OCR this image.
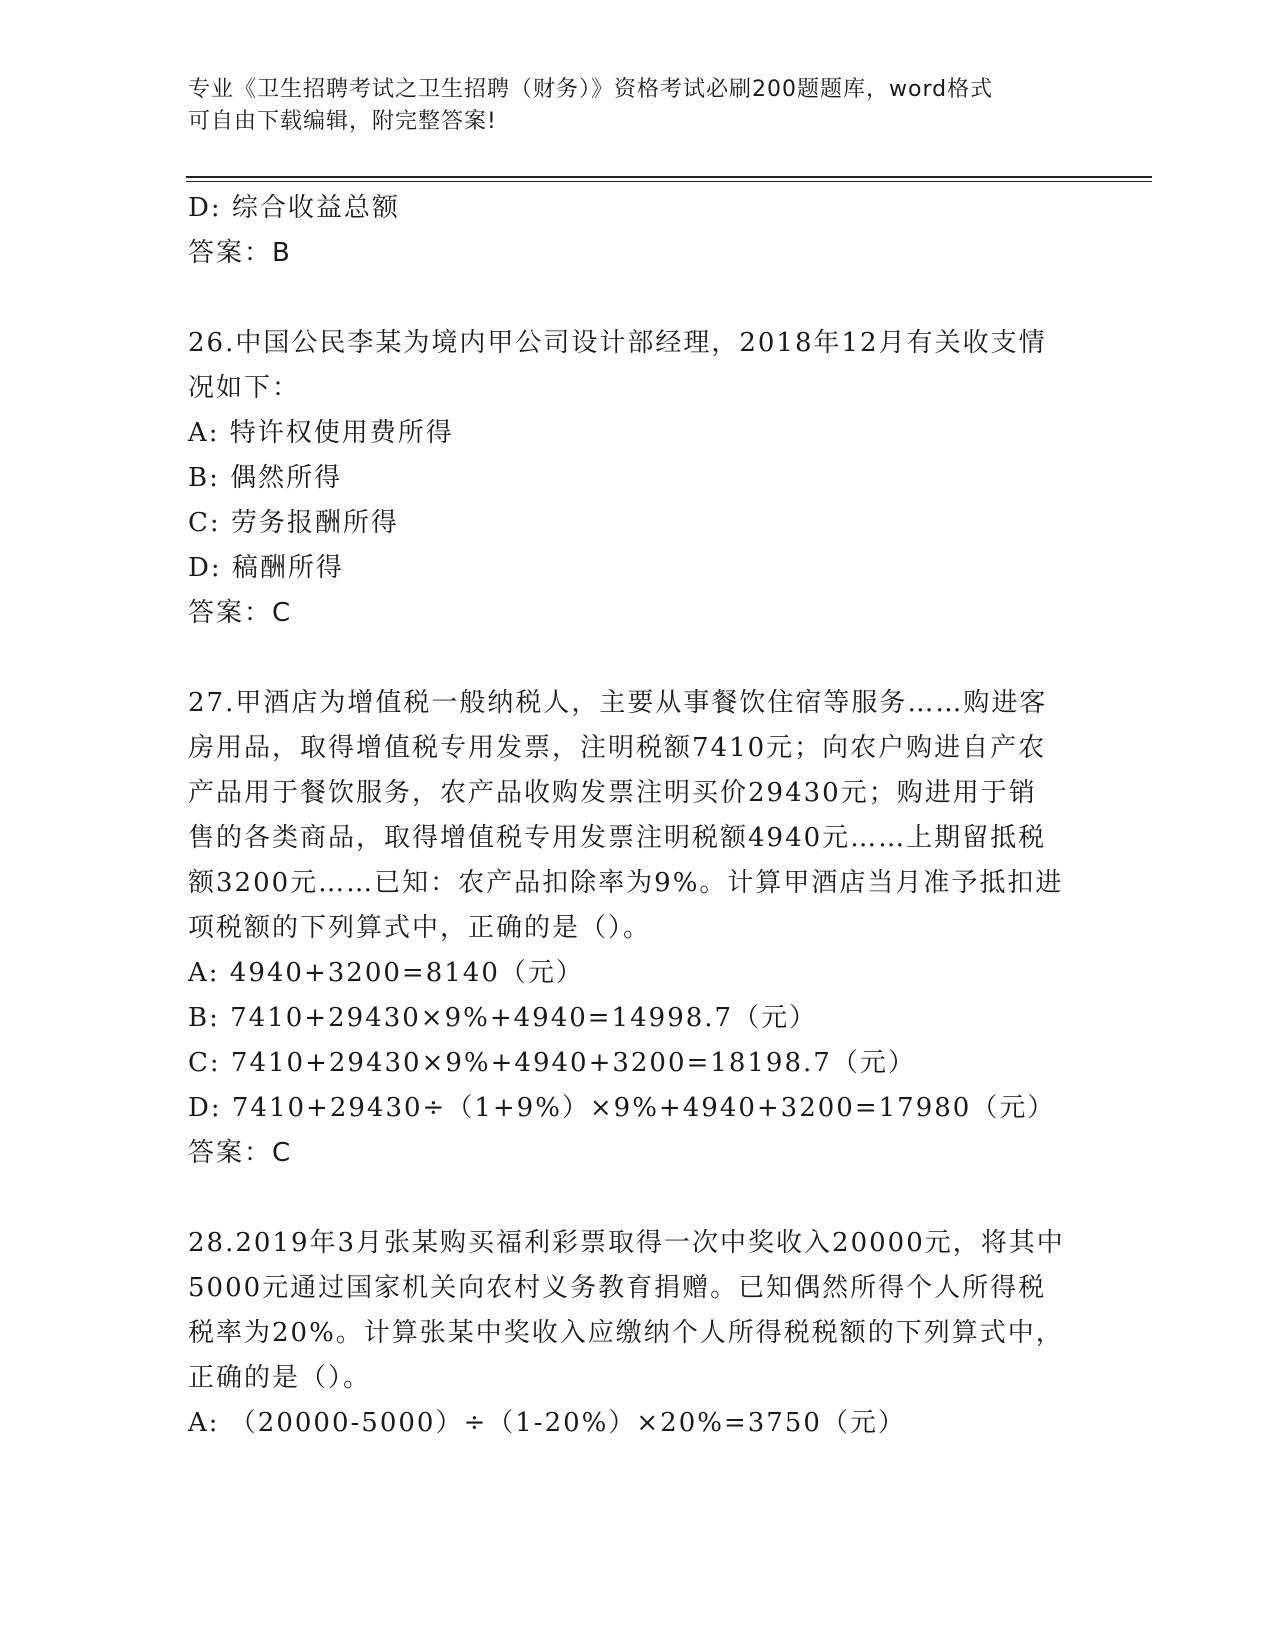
专业《卫生招聘考试之卫生招聘（财务）》资格考试必刷200题题库，word格式
可自由下载编辑，附完整答案!
D: 综合收益总额
答案：B
26.中国公民李某为境内甲公司设计部经理，2018年12月有关收支情
况如下：
A: 特许权使用费所得
B: 偶然所得
C: 劳务报酬所得
D: 稿酬所得
答案：C
27.甲酒店为增值税一般纳税人，主要从事餐饮住宿等服务……购进客
房用品，取得增值税专用发票，注明税额7410元；向农户购进自产农
产品用于餐饮服务，农产品收购发票注明买价29430元；购进用于销
售的各类商品，取得增值税专用发票注明税额4940元……上期留抵税
额3200元……已知：农产品扣除率为9%。计算甲酒店当月准予抵扣进
项税额的下列算式中，正确的是（）。
A: 4940+3200=8140（元）
B: 7410+29430×9%+4940=14998.7（元）
C: 7410+29430×9%+4940+3200=18198.7（元）
D: 7410+29430÷（1+9%）×9%+4940+3200=17980（元）
答案：C
28.2019年3月张某购买福利彩票取得一次中奖收入20000元，将其中
5000元通过国家机关向农村义务教育捐赠。已知偶然所得个人所得税
税率为20%。计算张某中奖收入应缴纳个人所得税税额的下列算式中，
正确的是（）。
A: （20000-5000）÷（1-20%）×20%=3750（元）
